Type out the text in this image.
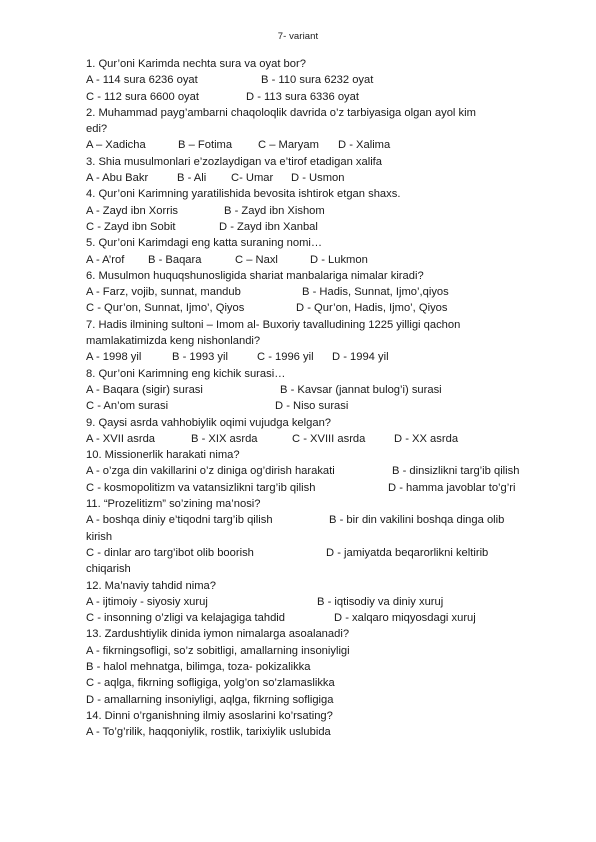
7- variant
1. Qur’oni Karimda nechta sura va oyat bor?
A - 114 sura 6236 oyat	B - 110 sura 6232 oyat
C - 112 sura 6600 oyat	D - 113 sura 6336 oyat
2. Muhammad payg’ambarni chaqoloqlik davrida o’z tarbiyasiga olgan ayol kim
edi?
A – Xadicha	B – Fotima C – Maryam D - Xalima
3. Shia musulmonlari e’zozlaydigan va e’tirof etadigan xalifa
A - Abu Bakr	B - Ali C- Umar D - Usmon
4. Qur’oni Karimning yaratilishida bevosita ishtirok etgan shaxs.
A - Zayd ibn Xorris	B - Zayd ibn Xishom
C - Zayd ibn Sobit	D - Zayd ibn Xanbal
5. Qur’oni Karimdagi eng katta suraning nomi…
A - A’rof B - Baqara	C – Naxl	D - Lukmon
6. Musulmon huquqshunosligida shariat manbalariga nimalar kiradi?
A - Farz, vojib, sunnat, mandub	B - Hadis, Sunnat, Ijmo’,qiyos
C - Qur’on, Sunnat, Ijmo’, Qiyos	D - Qur’on, Hadis, Ijmo’, Qiyos
7. Hadis ilmining sultoni – Imom al- Buxoriy tavalludining 1225 yilligi qachon
mamlakatimizda keng nishonlandi?
A - 1998 yil	B - 1993 yil	C - 1996 yil D - 1994 yil
8. Qur’oni Karimning eng kichik surasi…
A - Baqara (sigir) surasi	B - Kavsar (jannat bulog’i) surasi
C - An’om surasi	D - Niso surasi
9. Qaysi asrda vahhobiylik oqimi vujudga kelgan?
A - XVII asrda	B - XIX asrda	C - XVIII asrda	D - XX asrda
10. Missionerlik harakati nima?
A - o’zga din vakillarini o’z diniga og’dirish harakati	B - dinsizlikni targ’ib qilish
C - kosmopolitizm va vatansizlikni targ’ib qilish	D - hamma javoblar to’g’ri
11. “Prozelitizm” so’zining ma’nosi?
A - boshqa diniy e’tiqodni targ’ib qilish	B - bir din vakilini boshqa dinga olib
kirish
C - dinlar aro targ’ibot olib boorish	D - jamiyatda beqarorlikni keltirib
chiqarish
12. Ma’naviy tahdid nima?
A - ijtimoiy - siyosiy xuruj	B - iqtisodiy va diniy xuruj
C - insonning o’zligi va kelajagiga tahdid	D - xalqaro miqyosdagi xuruj
13. Zardushtiylik dinida iymon nimalarga asoalanadi?
A - fikrningsofligi, so’z sobitligi, amallarning insoniyligi
B - halol mehnatga, bilimga, toza- pokizalikka
C - aqlga, fikrning sofligiga, yolg’on so’zlamaslikka
D - amallarning insoniyligi, aqlga, fikrning sofligiga
14. Dinni o’rganishning ilmiy asoslarini ko’rsating?
A - To’g’rilik, haqqoniylik, rostlik, tarixiylik uslubida
